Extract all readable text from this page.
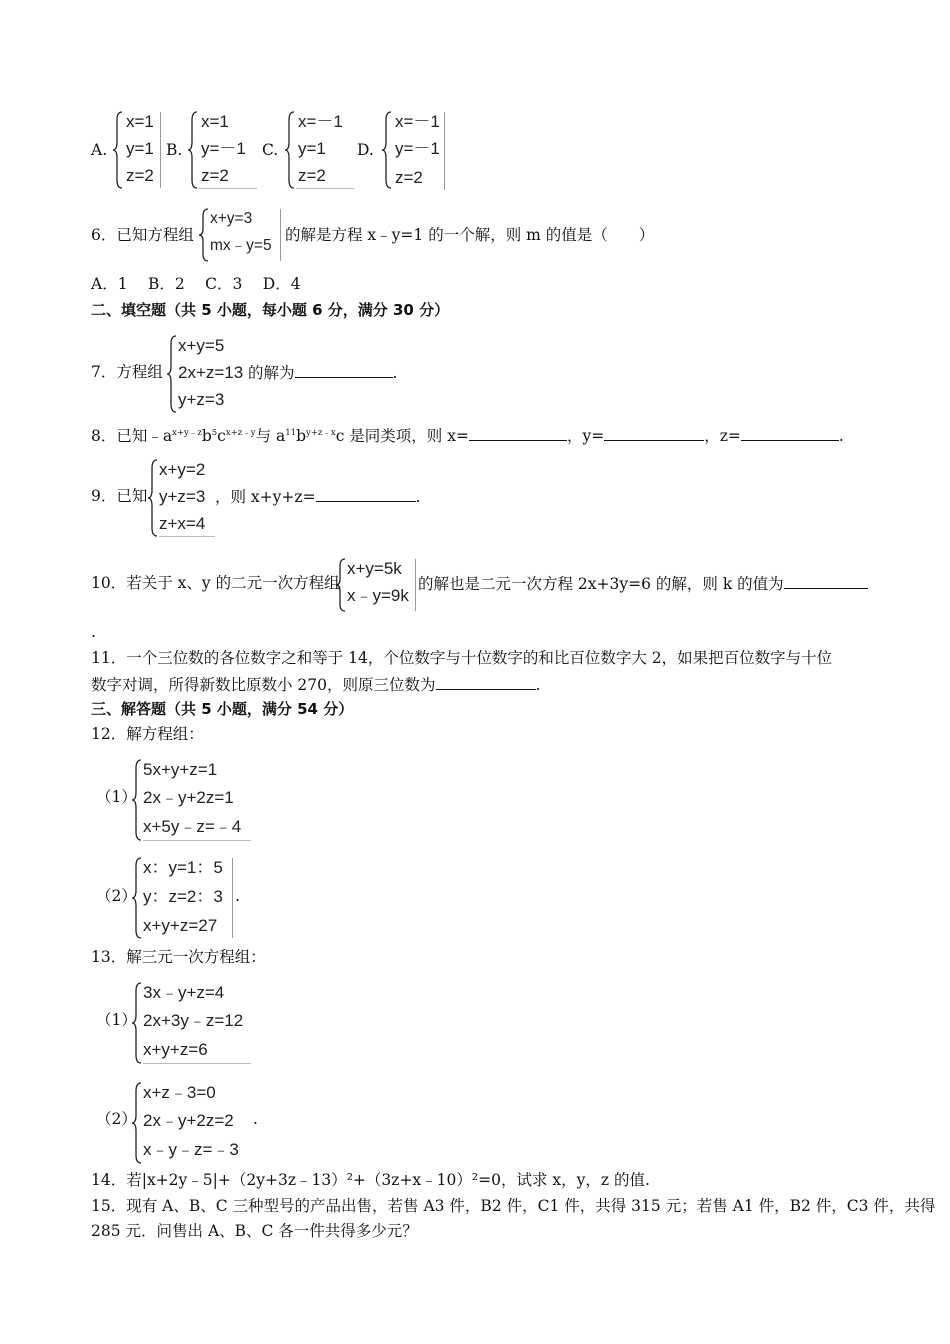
A.
x=1
y=1
z=2
B.
x=1
y=－1
z=2
C.
x=－1
y=1
z=2
D.
x=－1
y=－1
z=2
6．已知方程组
x+y=3
mx﹣y=5
的解是方程 x﹣y=1 的一个解，则 m 的值是（　　）
A．1　 B．2　 C．3　 D．4
二、填空题（共 5 小题，每小题 6 分，满分 30 分）
7．方程组
x+y=5
2x+z=13
y+z=3
的解为	.
8．已知$﹣a^{x+y﹣z}b^5c^{x+z﹣y}$与 $a^{11}b^{y+z﹣x}c$ 是同类项，则 x=	，y=	，z=	.
9．已知
x+y=2
y+z=3
z+x=4
，则 x+y+z=	.
10．若关于 x、y 的二元一次方程组
x+y=5k
x﹣y=9k
的解也是二元一次方程 2x+3y=6 的解，则 k 的值为
.
11．一个三位数的各位数字之和等于 14，个位数字与十位数字的和比百位数字大 2，如果把百位数字与十位
数字对调，所得新数比原数小 270，则原三位数为	.
三、解答题（共 5 小题，满分 54 分）
12．解方程组：
（1）
5x+y+z=1
2x﹣y+2z=1
x+5y﹣z=﹣4
（2）
x：y=1：5
y：z=2：3
x+y+z=27
.
13．解三元一次方程组：
3x﹣y+z=4
2x+3y﹣z=12
x+y+z=6
（1）
（2）
x+z﹣3=0
2x﹣y+2z=2
x﹣y﹣z=﹣3
.
14．若|x+2y﹣5|+（2y+3z﹣13）²+（3z+x﹣10）²=0，试求 x，y，z 的值.
15．现有 A、B、C 三种型号的产品出售，若售 A3 件，B2 件，C1 件，共得 315 元；若售 A1 件，B2 件，C3 件，共得
285 元．问售出 A、B、C 各一件共得多少元？
